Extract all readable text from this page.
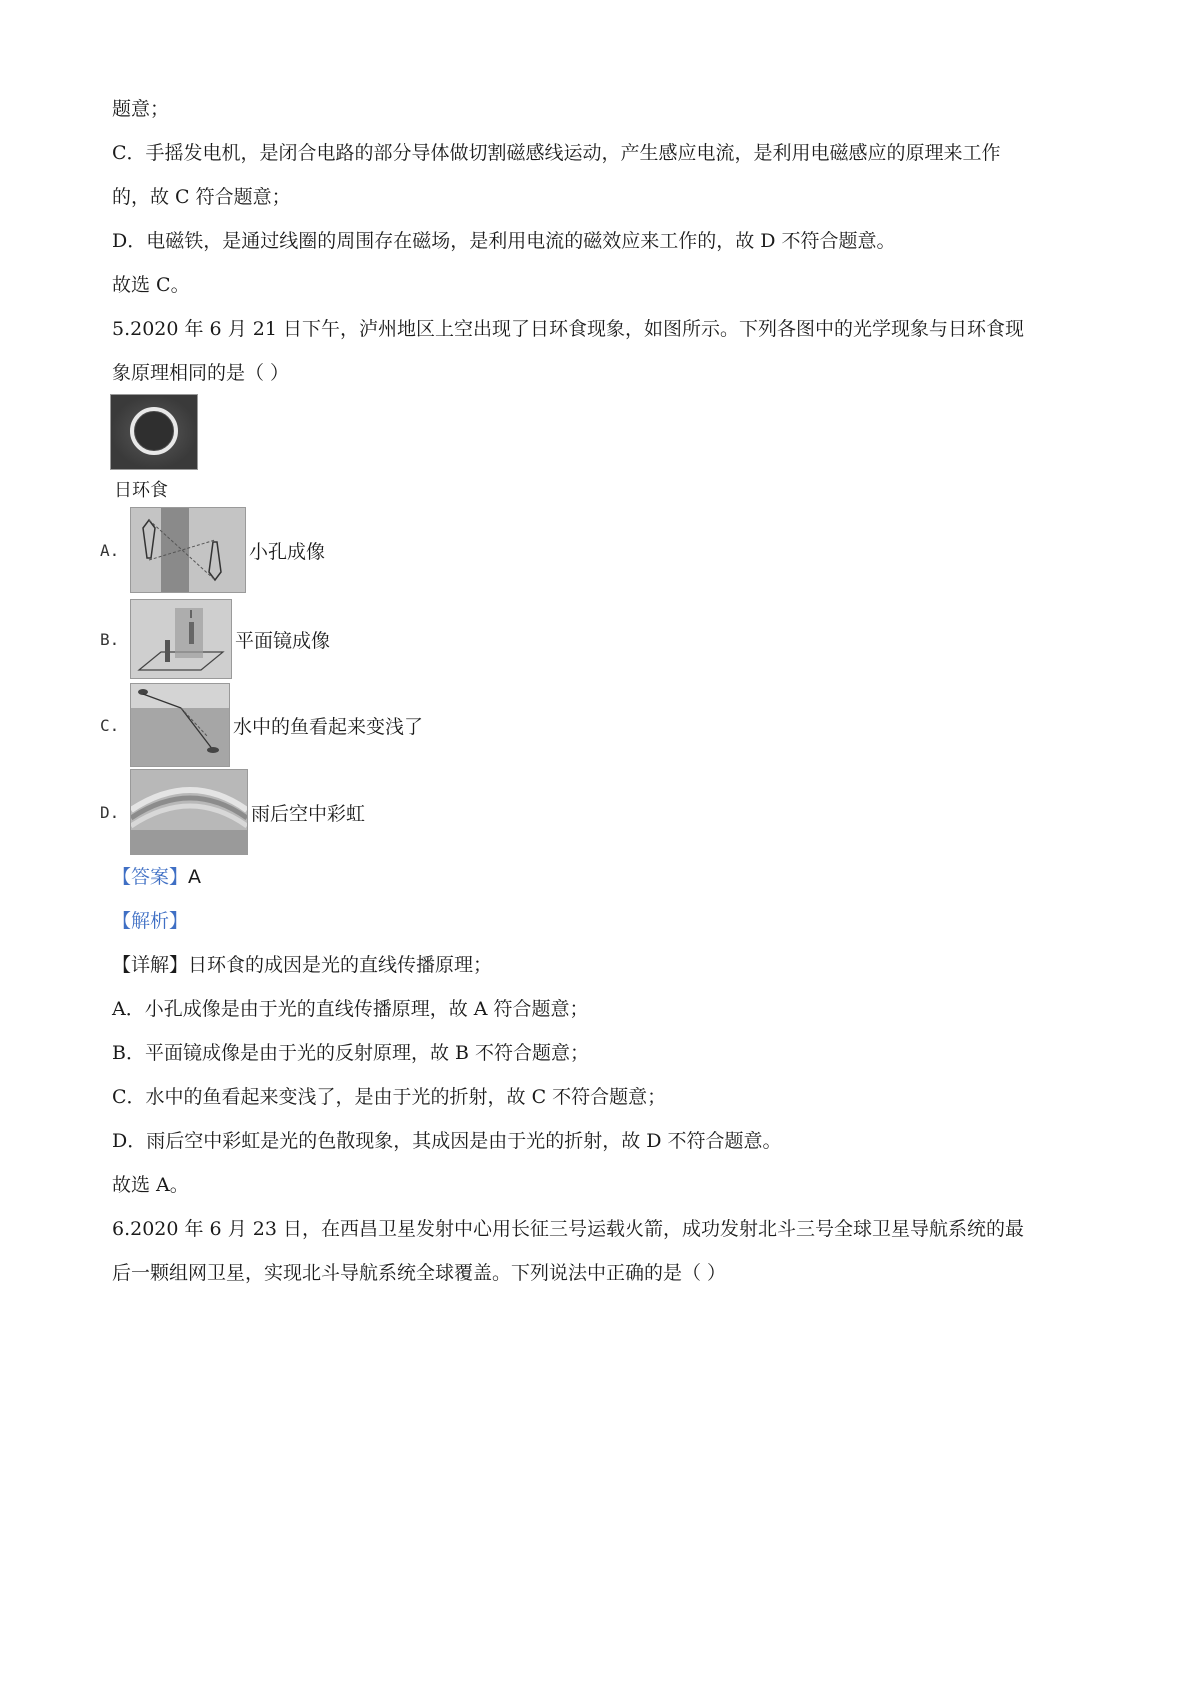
题意；

C．手摇发电机，是闭合电路的部分导体做切割磁感线运动，产生感应电流，是利用电磁感应的原理来工作

的，故 C 符合题意；

D．电磁铁，是通过线圈的周围存在磁场，是利用电流的磁效应来工作的，故 D 不符合题意。

故选 C。

5.2020 年 6 月 21 日下午，泸州地区上空出现了日环食现象，如图所示。下列各图中的光学现象与日环食现

象原理相同的是（ ）

日环食
A.	小孔成像
B.	平面镜成像
C.	水中的鱼看起来变浅了
D.	雨后空中彩虹

【答案】A

【解析】

【详解】日环食的成因是光的直线传播原理；

A．小孔成像是由于光的直线传播原理，故 A 符合题意；

B．平面镜成像是由于光的反射原理，故 B 不符合题意；

C．水中的鱼看起来变浅了，是由于光的折射，故 C 不符合题意；

D．雨后空中彩虹是光的色散现象，其成因是由于光的折射，故 D 不符合题意。

故选 A。

6.2020 年 6 月 23 日，在西昌卫星发射中心用长征三号运载火箭，成功发射北斗三号全球卫星导航系统的最

后一颗组网卫星，实现北斗导航系统全球覆盖。下列说法中正确的是（ ）
